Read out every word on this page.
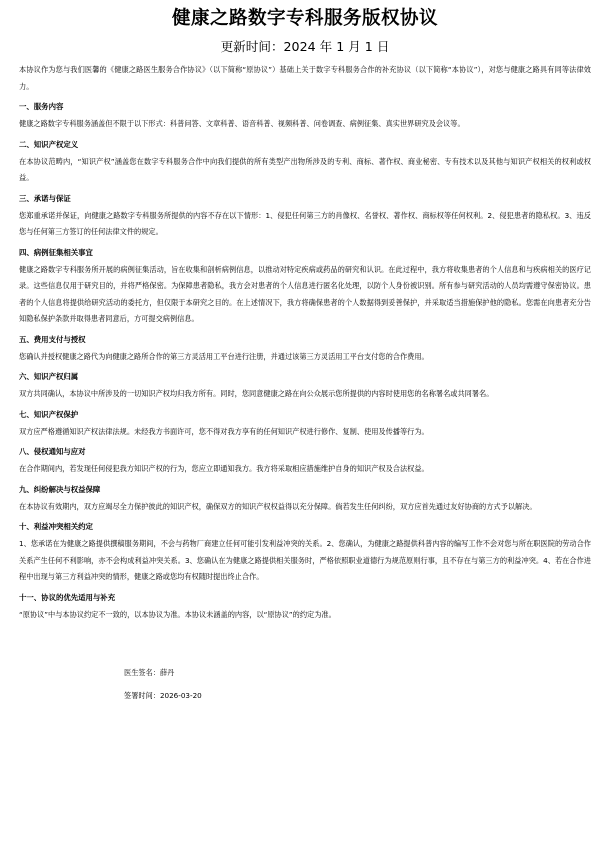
健康之路数字专科服务版权协议
更新时间：2024 年 1 月 1 日

本协议作为您与我们医馨的《健康之路医生服务合作协议》（以下简称“原协议”）基础上关于数字专科服务合作的补充协议（以下简称“本协议”），对您与健康之路具有同等法律效力。

一、服务内容

健康之路数字专科服务涵盖但不限于以下形式：科普问答、文章科普、语音科普、视频科普、问卷调查、病例征集、真实世界研究及会议等。

二、知识产权定义

在本协议范畴内，“知识产权”涵盖您在数字专科服务合作中向我们提供的所有类型产出物所涉及的专利、商标、著作权、商业秘密、专有技术以及其他与知识产权相关的权利或权益。

三、承诺与保证

您郑重承诺并保证，向健康之路数字专科服务所提供的内容不存在以下情形：1、侵犯任何第三方的肖像权、名誉权、著作权、商标权等任何权利。2、侵犯患者的隐私权。3、违反您与任何第三方签订的任何法律文件的规定。

四、病例征集相关事宜

健康之路数字专科服务所开展的病例征集活动，旨在收集和剖析病例信息，以推动对特定疾病或药品的研究和认识。在此过程中，我方将收集患者的个人信息和与疾病相关的医疗记录。这些信息仅用于研究目的，并将严格保密。为保障患者隐私，我方会对患者的个人信息进行匿名化处理，以防个人身份被识别。所有参与研究活动的人员均需遵守保密协议。患者的个人信息将提供给研究活动的委托方，但仅限于本研究之目的。在上述情况下，我方将确保患者的个人数据得到妥善保护，并采取适当措施保护他的隐私。您需在向患者充分告知隐私保护条款并取得患者同意后，方可提交病例信息。

五、费用支付与授权

您确认并授权健康之路代为向健康之路所合作的第三方灵活用工平台进行注册，并通过该第三方灵活用工平台支付您的合作费用。

六、知识产权归属

双方共同确认，本协议中所涉及的一切知识产权均归我方所有。同时，您同意健康之路在向公众展示您所提供的内容时使用您的名称署名或共同署名。

七、知识产权保护

双方应严格遵循知识产权法律法规。未经我方书面许可，您不得对我方享有的任何知识产权进行修作、复制、使用及传播等行为。

八、侵权通知与应对

在合作期间内，若发现任何侵犯我方知识产权的行为，您应立即通知我方。我方将采取相应措施维护自身的知识产权及合法权益。

九、纠纷解决与权益保障

在本协议有效期内，双方应竭尽全力保护彼此的知识产权，确保双方的知识产权权益得以充分保障。倘若发生任何纠纷，双方应首先通过友好协商的方式予以解决。

十、利益冲突相关约定

1、您承诺在为健康之路提供撰稿服务期间，不会与药物厂商建立任何可能引发利益冲突的关系。2、您确认，为健康之路提供科普内容的编写工作不会对您与所在职医院的劳动合作关系产生任何不利影响，亦不会构成利益冲突关系。3、您确认在为健康之路提供相关服务时，严格依照职业道德行为规范原则行事，且不存在与第三方的利益冲突。4、若在合作进程中出现与第三方利益冲突的情形，健康之路或您均有权随时提出终止合作。

十一、协议的优先适用与补充

“原协议”中与本协议约定不一致的，以本协议为准。本协议未涵盖的内容，以“原协议”的约定为准。

医生签名：薛丹
签署时间：2026-03-20
